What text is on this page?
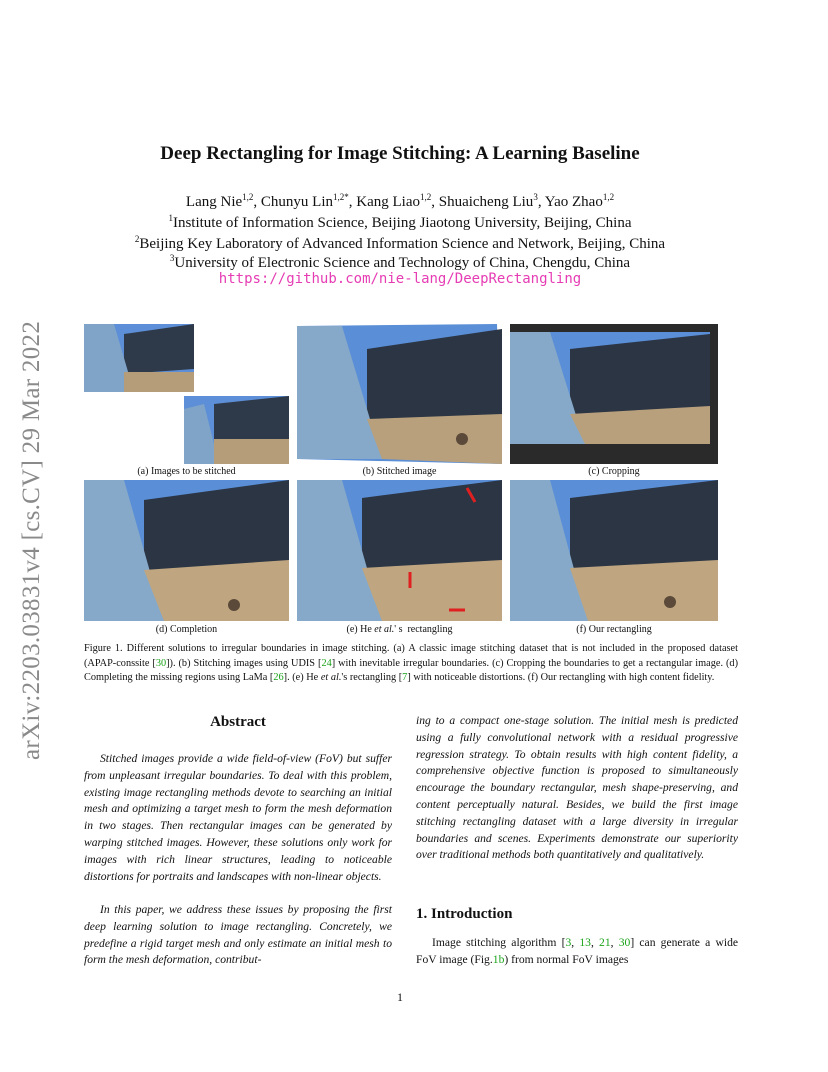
arXiv:2203.03831v4 [cs.CV] 29 Mar 2022
Deep Rectangling for Image Stitching: A Learning Baseline
Lang Nie$^{1,2}$, Chunyu Lin$^{1,2*}$, Kang Liao$^{1,2}$, Shuaicheng Liu$^3$, Yao Zhao$^{1,2}$
$^1$Institute of Information Science, Beijing Jiaotong University, Beijing, China
$^2$Beijing Key Laboratory of Advanced Information Science and Network, Beijing, China
$^3$University of Electronic Science and Technology of China, Chengdu, China
https://github.com/nie-lang/DeepRectangling
(a) Images to be stitched	(b) Stitched image	(c) Cropping
(d) Completion	(e) He et al.' s  rectangling	(f) Our rectangling
Figure 1. Different solutions to irregular boundaries in image stitching. (a) A classic image stitching dataset that is not included in the proposed dataset (APAP-conssite [30]). (b) Stitching images using UDIS [24] with inevitable irregular boundaries. (c) Cropping the boundaries to get a rectangular image. (d) Completing the missing regions using LaMa [26]. (e) He et al.'s rectangling [7] with noticeable distortions. (f) Our rectangling with high content fidelity.
Abstract
Stitched images provide a wide field-of-view (FoV) but suffer from unpleasant irregular boundaries. To deal with this problem, existing image rectangling methods devote to searching an initial mesh and optimizing a target mesh to form the mesh deformation in two stages. Then rectangular images can be generated by warping stitched images. However, these solutions only work for images with rich linear structures, leading to noticeable distortions for portraits and landscapes with non-linear objects.
In this paper, we address these issues by proposing the first deep learning solution to image rectangling. Concretely, we predefine a rigid target mesh and only estimate an initial mesh to form the mesh deformation, contribut-
ing to a compact one-stage solution. The initial mesh is predicted using a fully convolutional network with a residual progressive regression strategy. To obtain results with high content fidelity, a comprehensive objective function is proposed to simultaneously encourage the boundary rectangular, mesh shape-preserving, and content perceptually natural. Besides, we build the first image stitching rectangling dataset with a large diversity in irregular boundaries and scenes. Experiments demonstrate our superiority over traditional methods both quantitatively and qualitatively.
1. Introduction
Image stitching algorithm [3, 13, 21, 30] can generate a wide FoV image (Fig.1b) from normal FoV images
1
